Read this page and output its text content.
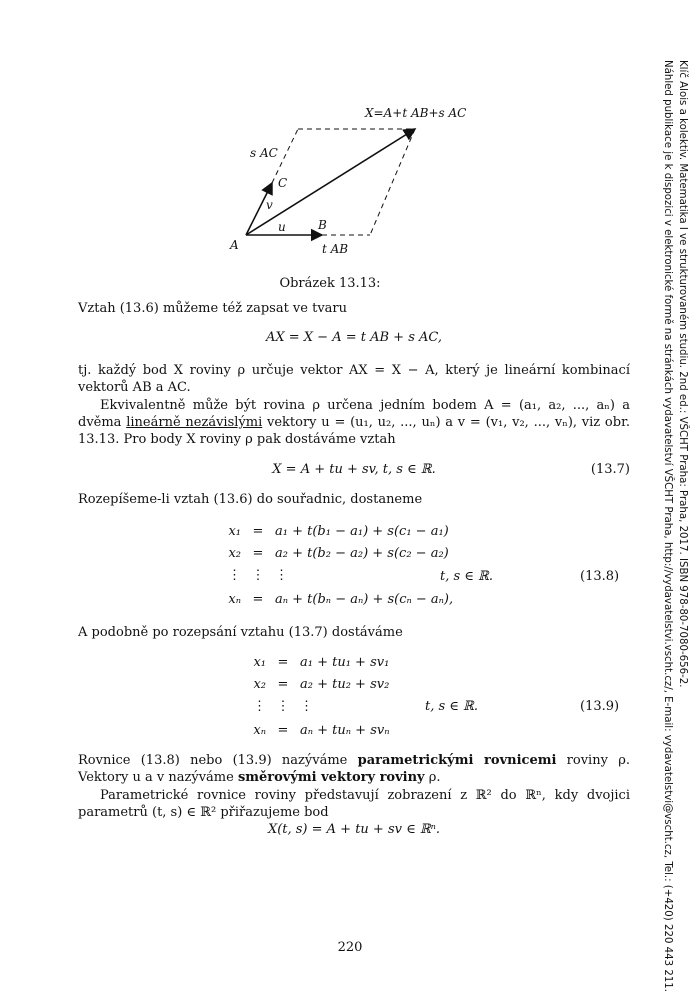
X=A+t AB+s AC
s AC
C
v
u	B
A	t AB
Obrázek 13.13:
Vztah (13.6) můžeme též zapsat ve tvaru
AX = X − A = t AB + s AC,
tj. každý bod X roviny ρ určuje vektor AX = X − A, který je lineární kombinací vektorů AB a AC.
Ekvivalentně může být rovina ρ určena jedním bodem A = (a₁, a₂, ..., aₙ) a dvěma lineárně nezávislými vektory u = (u₁, u₂, ..., uₙ) a v = (v₁, v₂, ..., vₙ), viz obr. 13.13. Pro body X roviny ρ pak dostáváme vztah
X = A + tu + sv, t, s ∈ ℝ.	(13.7)
Rozepíšeme-li vztah (13.6) do souřadnic, dostaneme
x₁ = a₁ + t(b₁ − a₁) + s(c₁ − a₁)
x₂ = a₂ + t(b₂ − a₂) + s(c₂ − a₂)
⋮ ⋮ ⋮
xₙ = aₙ + t(bₙ − aₙ) + s(cₙ − aₙ),
t, s ∈ ℝ.	(13.8)
A podobně po rozepsání vztahu (13.7) dostáváme
x₁ = a₁ + tu₁ + sv₁
x₂ = a₂ + tu₂ + sv₂
⋮ ⋮ ⋮
xₙ = aₙ + tuₙ + svₙ
t, s ∈ ℝ.	(13.9)
Rovnice (13.8) nebo (13.9) nazýváme parametrickými rovnicemi roviny ρ. Vektory u a v nazýváme směrovými vektory roviny ρ.
Parametrické rovnice roviny představují zobrazení z ℝ² do ℝⁿ, kdy dvojici parametrů (t, s) ∈ ℝ² přiřazujeme bod
X(t, s) = A + tu + sv ∈ ℝⁿ.
220
Klíč Alois a kolektiv. Matematika I ve strukturovaném studiu. 2nd ed.: VŠCHT Praha: Praha, 2017. ISBN 978-80-7080-656-2.
Náhled publikace je k dispozici v elektronické formě na stránkách vydavatelství VŠCHT Praha, http://vydavatelstvi.vscht.cz/, E-mail: vydavatelstvi@vscht.cz, Tel.: (+420) 220 443 211.
